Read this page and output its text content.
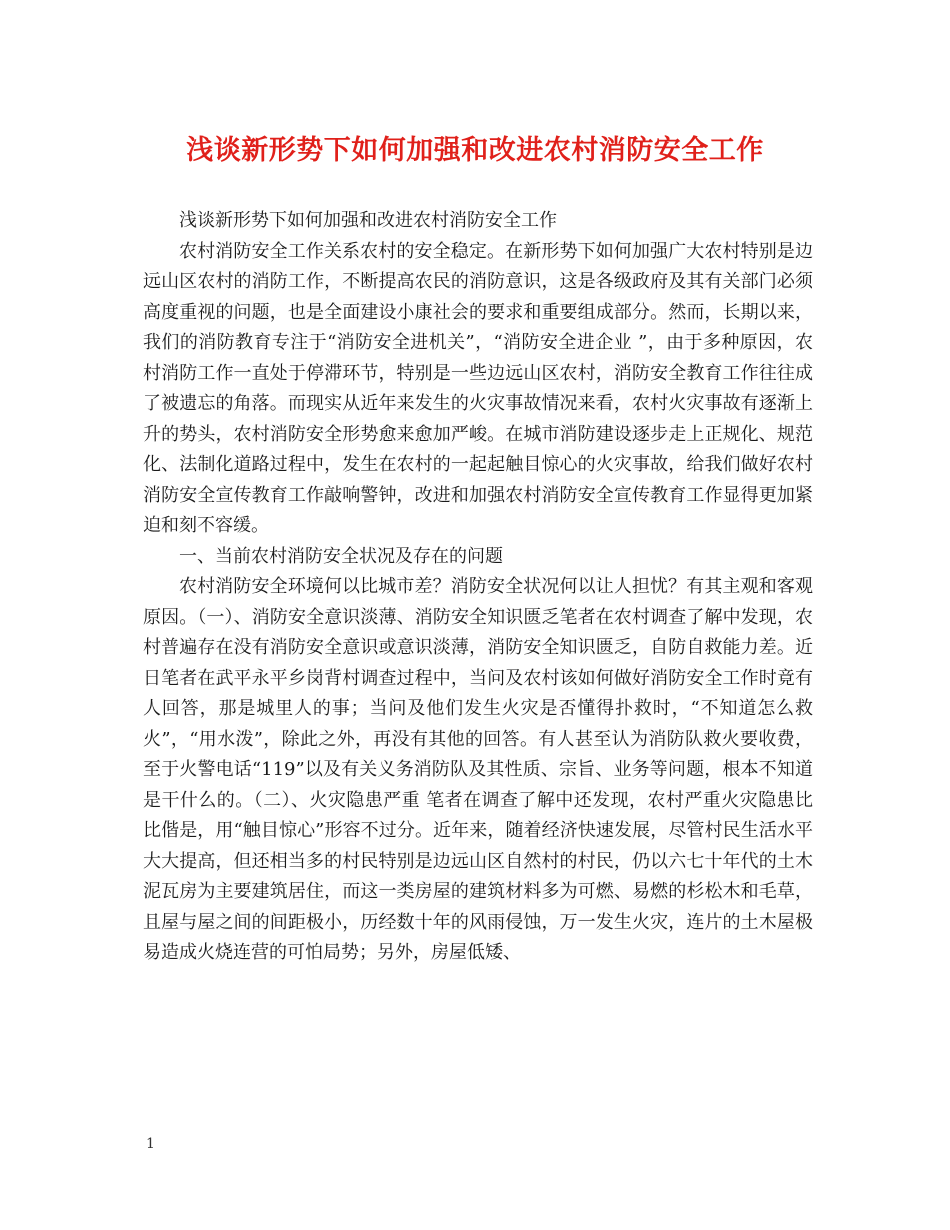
浅谈新形势下如何加强和改进农村消防安全工作

浅谈新形势下如何加强和改进农村消防安全工作

农村消防安全工作关系农村的安全稳定。在新形势下如何加强广大农村特别是边远山区农村的消防工作，不断提高农民的消防意识，这是各级政府及其有关部门必须高度重视的问题，也是全面建设小康社会的要求和重要组成部分。然而，长期以来，我们的消防教育专注于“消防安全进机关”，“消防安全进企业 ”，由于多种原因，农村消防工作一直处于停滞环节，特别是一些边远山区农村，消防安全教育工作往往成了被遗忘的角落。而现实从近年来发生的火灾事故情况来看，农村火灾事故有逐渐上升的势头，农村消防安全形势愈来愈加严峻。在城市消防建设逐步走上正规化、规范化、法制化道路过程中，发生在农村的一起起触目惊心的火灾事故，给我们做好农村消防安全宣传教育工作敲响警钟，改进和加强农村消防安全宣传教育工作显得更加紧迫和刻不容缓。

一、当前农村消防安全状况及存在的问题

农村消防安全环境何以比城市差？消防安全状况何以让人担忧？有其主观和客观原因。（一）、消防安全意识淡薄、消防安全知识匮乏笔者在农村调查了解中发现，农村普遍存在没有消防安全意识或意识淡薄，消防安全知识匮乏，自防自救能力差。近日笔者在武平永平乡岗背村调查过程中，当问及农村该如何做好消防安全工作时竟有人回答，那是城里人的事；当问及他们发生火灾是否懂得扑救时，“不知道怎么救火”，“用水泼”，除此之外，再没有其他的回答。有人甚至认为消防队救火要收费，至于火警电话“119”以及有关义务消防队及其性质、宗旨、业务等问题，根本不知道是干什么的。（二）、火灾隐患严重 笔者在调查了解中还发现，农村严重火灾隐患比比偕是，用“触目惊心”形容不过分。近年来，随着经济快速发展，尽管村民生活水平大大提高，但还相当多的村民特别是边远山区自然村的村民，仍以六七十年代的土木泥瓦房为主要建筑居住，而这一类房屋的建筑材料多为可燃、易燃的杉松木和毛草，且屋与屋之间的间距极小，历经数十年的风雨侵蚀，万一发生火灾，连片的土木屋极易造成火烧连营的可怕局势；另外，房屋低矮、

1
